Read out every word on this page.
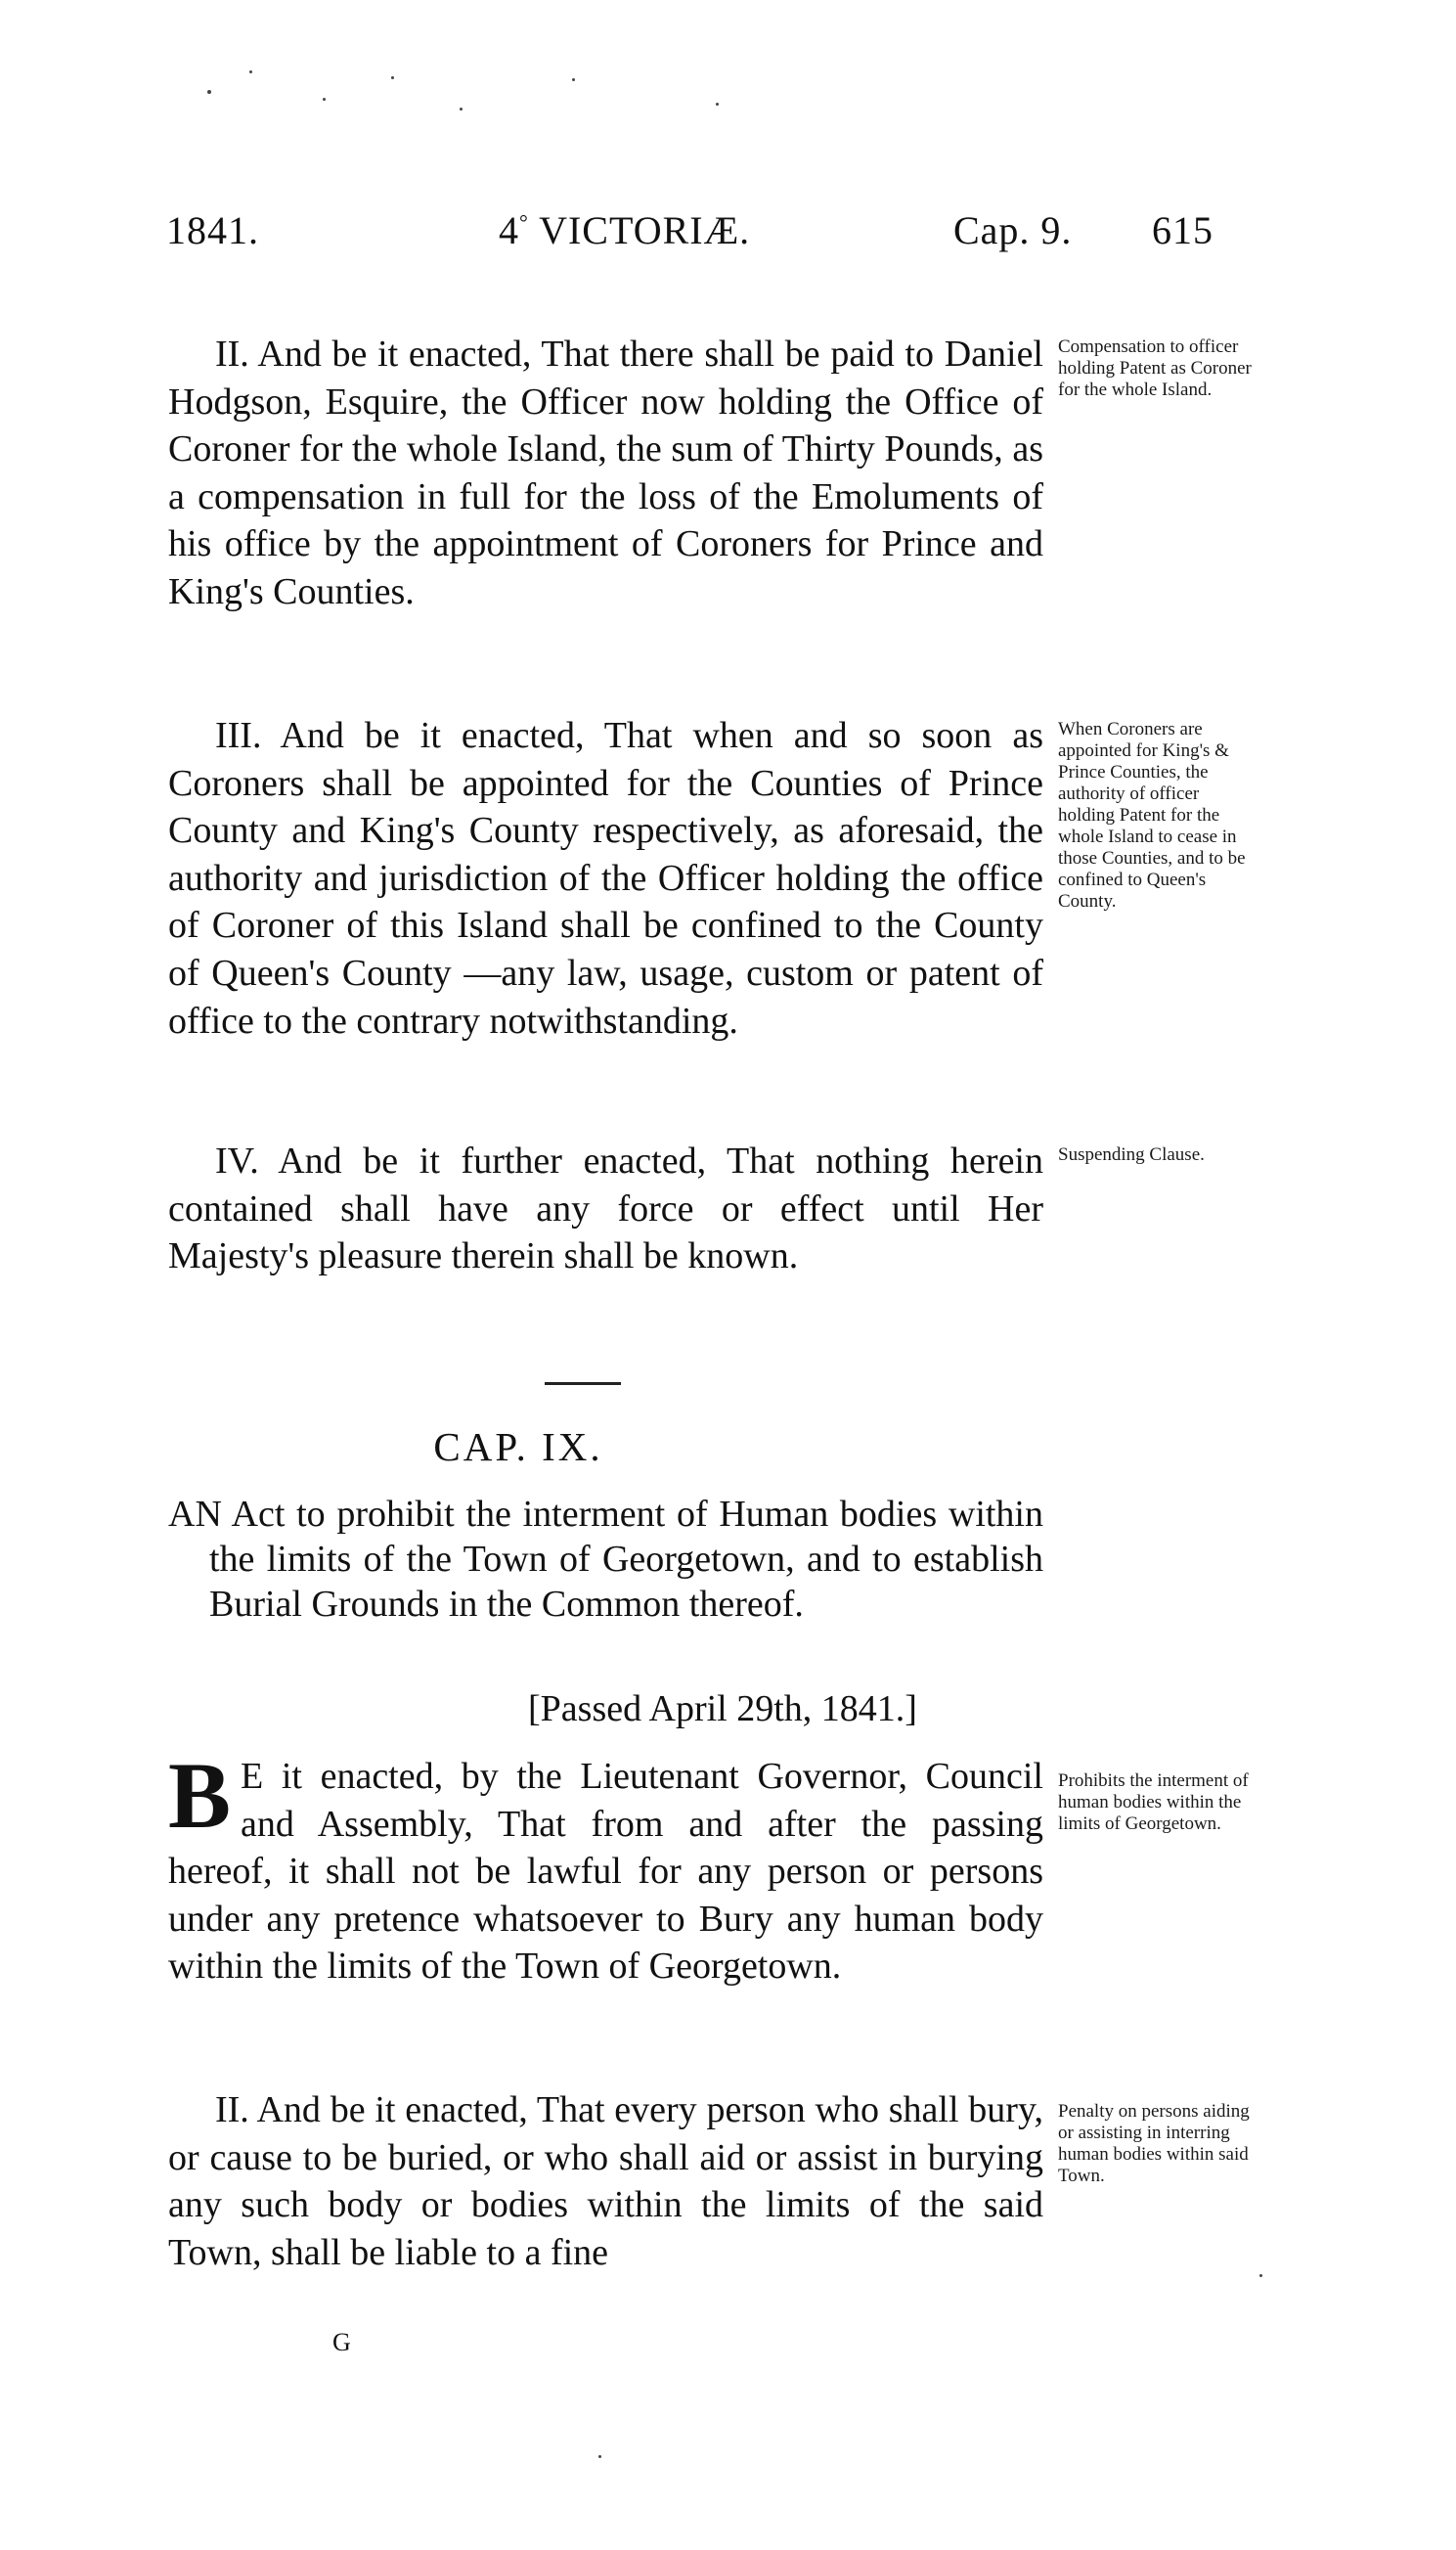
1841.	4° VICTORIÆ.	Cap. 9. 615

II. And be it enacted, That there shall be paid to Daniel Hodgson, Esquire, the Officer now holding the Office of Coroner for the whole Island, the sum of Thirty Pounds, as a compensation in full for the loss of the Emoluments of his office by the appointment of Coroners for Prince and King's Counties.

Compensation to officer holding Patent as Coroner for the whole Island.

III. And be it enacted, That when and so soon as Coroners shall be appointed for the Counties of Prince County and King's County respectively, as aforesaid, the authority and jurisdiction of the Officer holding the office of Coroner of this Island shall be confined to the County of Queen's County —any law, usage, custom or patent of office to the contrary notwithstanding.

When Coroners are appointed for King's & Prince Counties, the authority of officer holding Patent for the whole Island to cease in those Counties, and to be confined to Queen's County.

IV. And be it further enacted, That nothing herein contained shall have any force or effect until Her Majesty's pleasure therein shall be known.

Suspending Clause.
CAP. IX.

AN Act to prohibit the interment of Human bodies within the limits of the Town of Georgetown, and to establish Burial Grounds in the Common thereof.

[Passed April 29th, 1841.]

B E it enacted, by the Lieutenant Governor, Council and Assembly, That from and after the passing hereof, it shall not be lawful for any person or persons under any pretence whatsoever to Bury any human body within the limits of the Town of Georgetown.

Prohibits the interment of human bodies within the limits of Georgetown.

II. And be it enacted, That every person who shall bury, or cause to be buried, or who shall aid or assist in burying any such body or bodies within the limits of the said Town, shall be liable to a fine

Penalty on persons aiding or assisting in interring human bodies within said Town.
G
